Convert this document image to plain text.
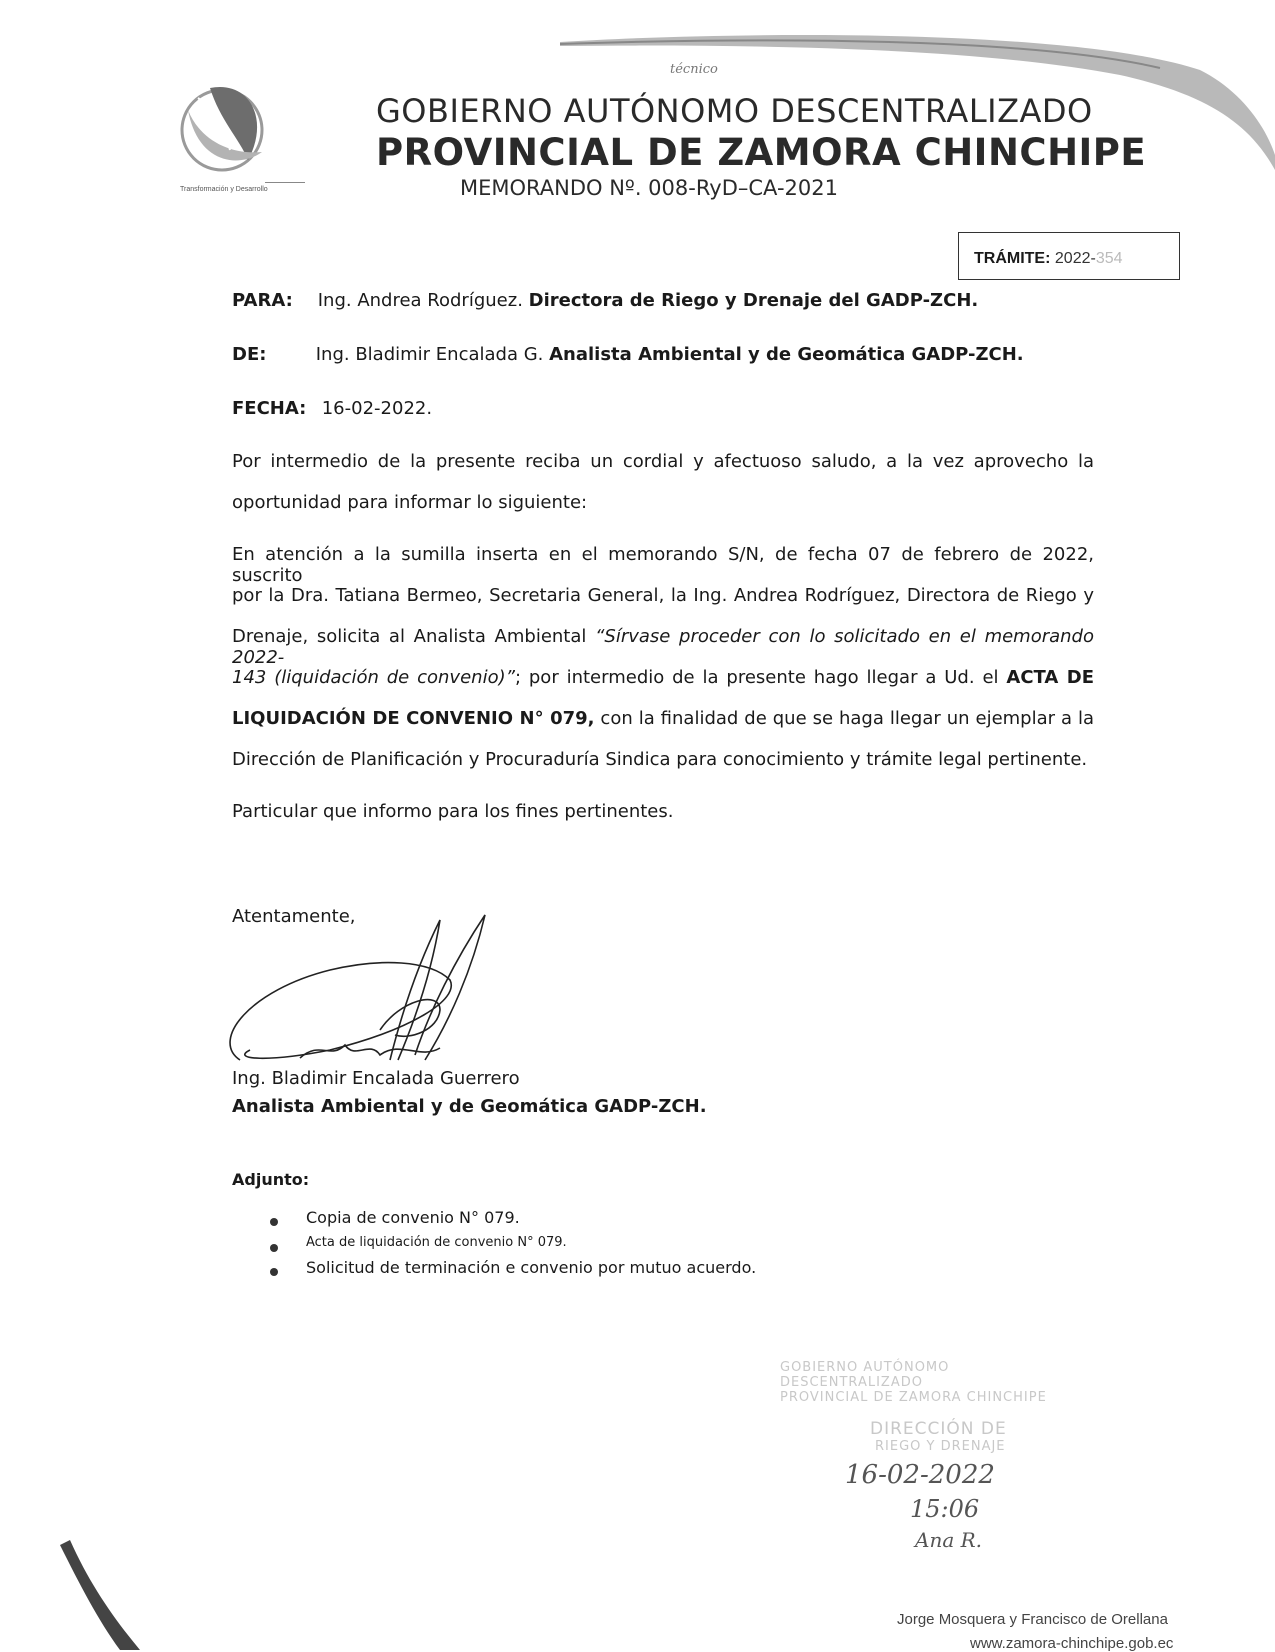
Transformación y Desarrollo
técnico
GOBIERNO AUTÓNOMO DESCENTRALIZADO
PROVINCIAL DE ZAMORA CHINCHIPE
MEMORANDO Nº. 008-RyD–CA-2021
TRÁMITE: 2022-354
PARA: Ing. Andrea Rodríguez. Directora de Riego y Drenaje del GADP-ZCH.
DE:	Ing. Bladimir Encalada G. Analista Ambiental y de Geomática GADP-ZCH.
FECHA: 16-02-2022.
Por intermedio de la presente reciba un cordial y afectuoso saludo, a la vez aprovecho la
oportunidad para informar lo siguiente:
En atención a la sumilla inserta en el memorando S/N, de fecha 07 de febrero de 2022, suscrito
por la Dra. Tatiana Bermeo, Secretaria General, la Ing. Andrea Rodríguez, Directora de Riego y
Drenaje, solicita al Analista Ambiental “Sírvase proceder con lo solicitado en el memorando 2022-
143 (liquidación de convenio)”; por intermedio de la presente hago llegar a Ud. el ACTA DE
LIQUIDACIÓN DE CONVENIO N° 079, con la finalidad de que se haga llegar un ejemplar a la
Dirección de Planificación y Procuraduría Sindica para conocimiento y trámite legal pertinente.
Particular que informo para los fines pertinentes.
Atentamente,
Ing. Bladimir Encalada Guerrero
Analista Ambiental y de Geomática GADP-ZCH.
Adjunto:
Copia de convenio N° 079.
Acta de liquidación de convenio N° 079.
Solicitud de terminación e convenio por mutuo acuerdo.
GOBIERNO AUTÓNOMO DESCENTRALIZADO
PROVINCIAL DE ZAMORA CHINCHIPE
DIRECCIÓN DE
RIEGO Y DRENAJE
16-02-2022
15:06
Ana R.
Jorge Mosquera y Francisco de Orellana
www.zamora-chinchipe.gob.ec
